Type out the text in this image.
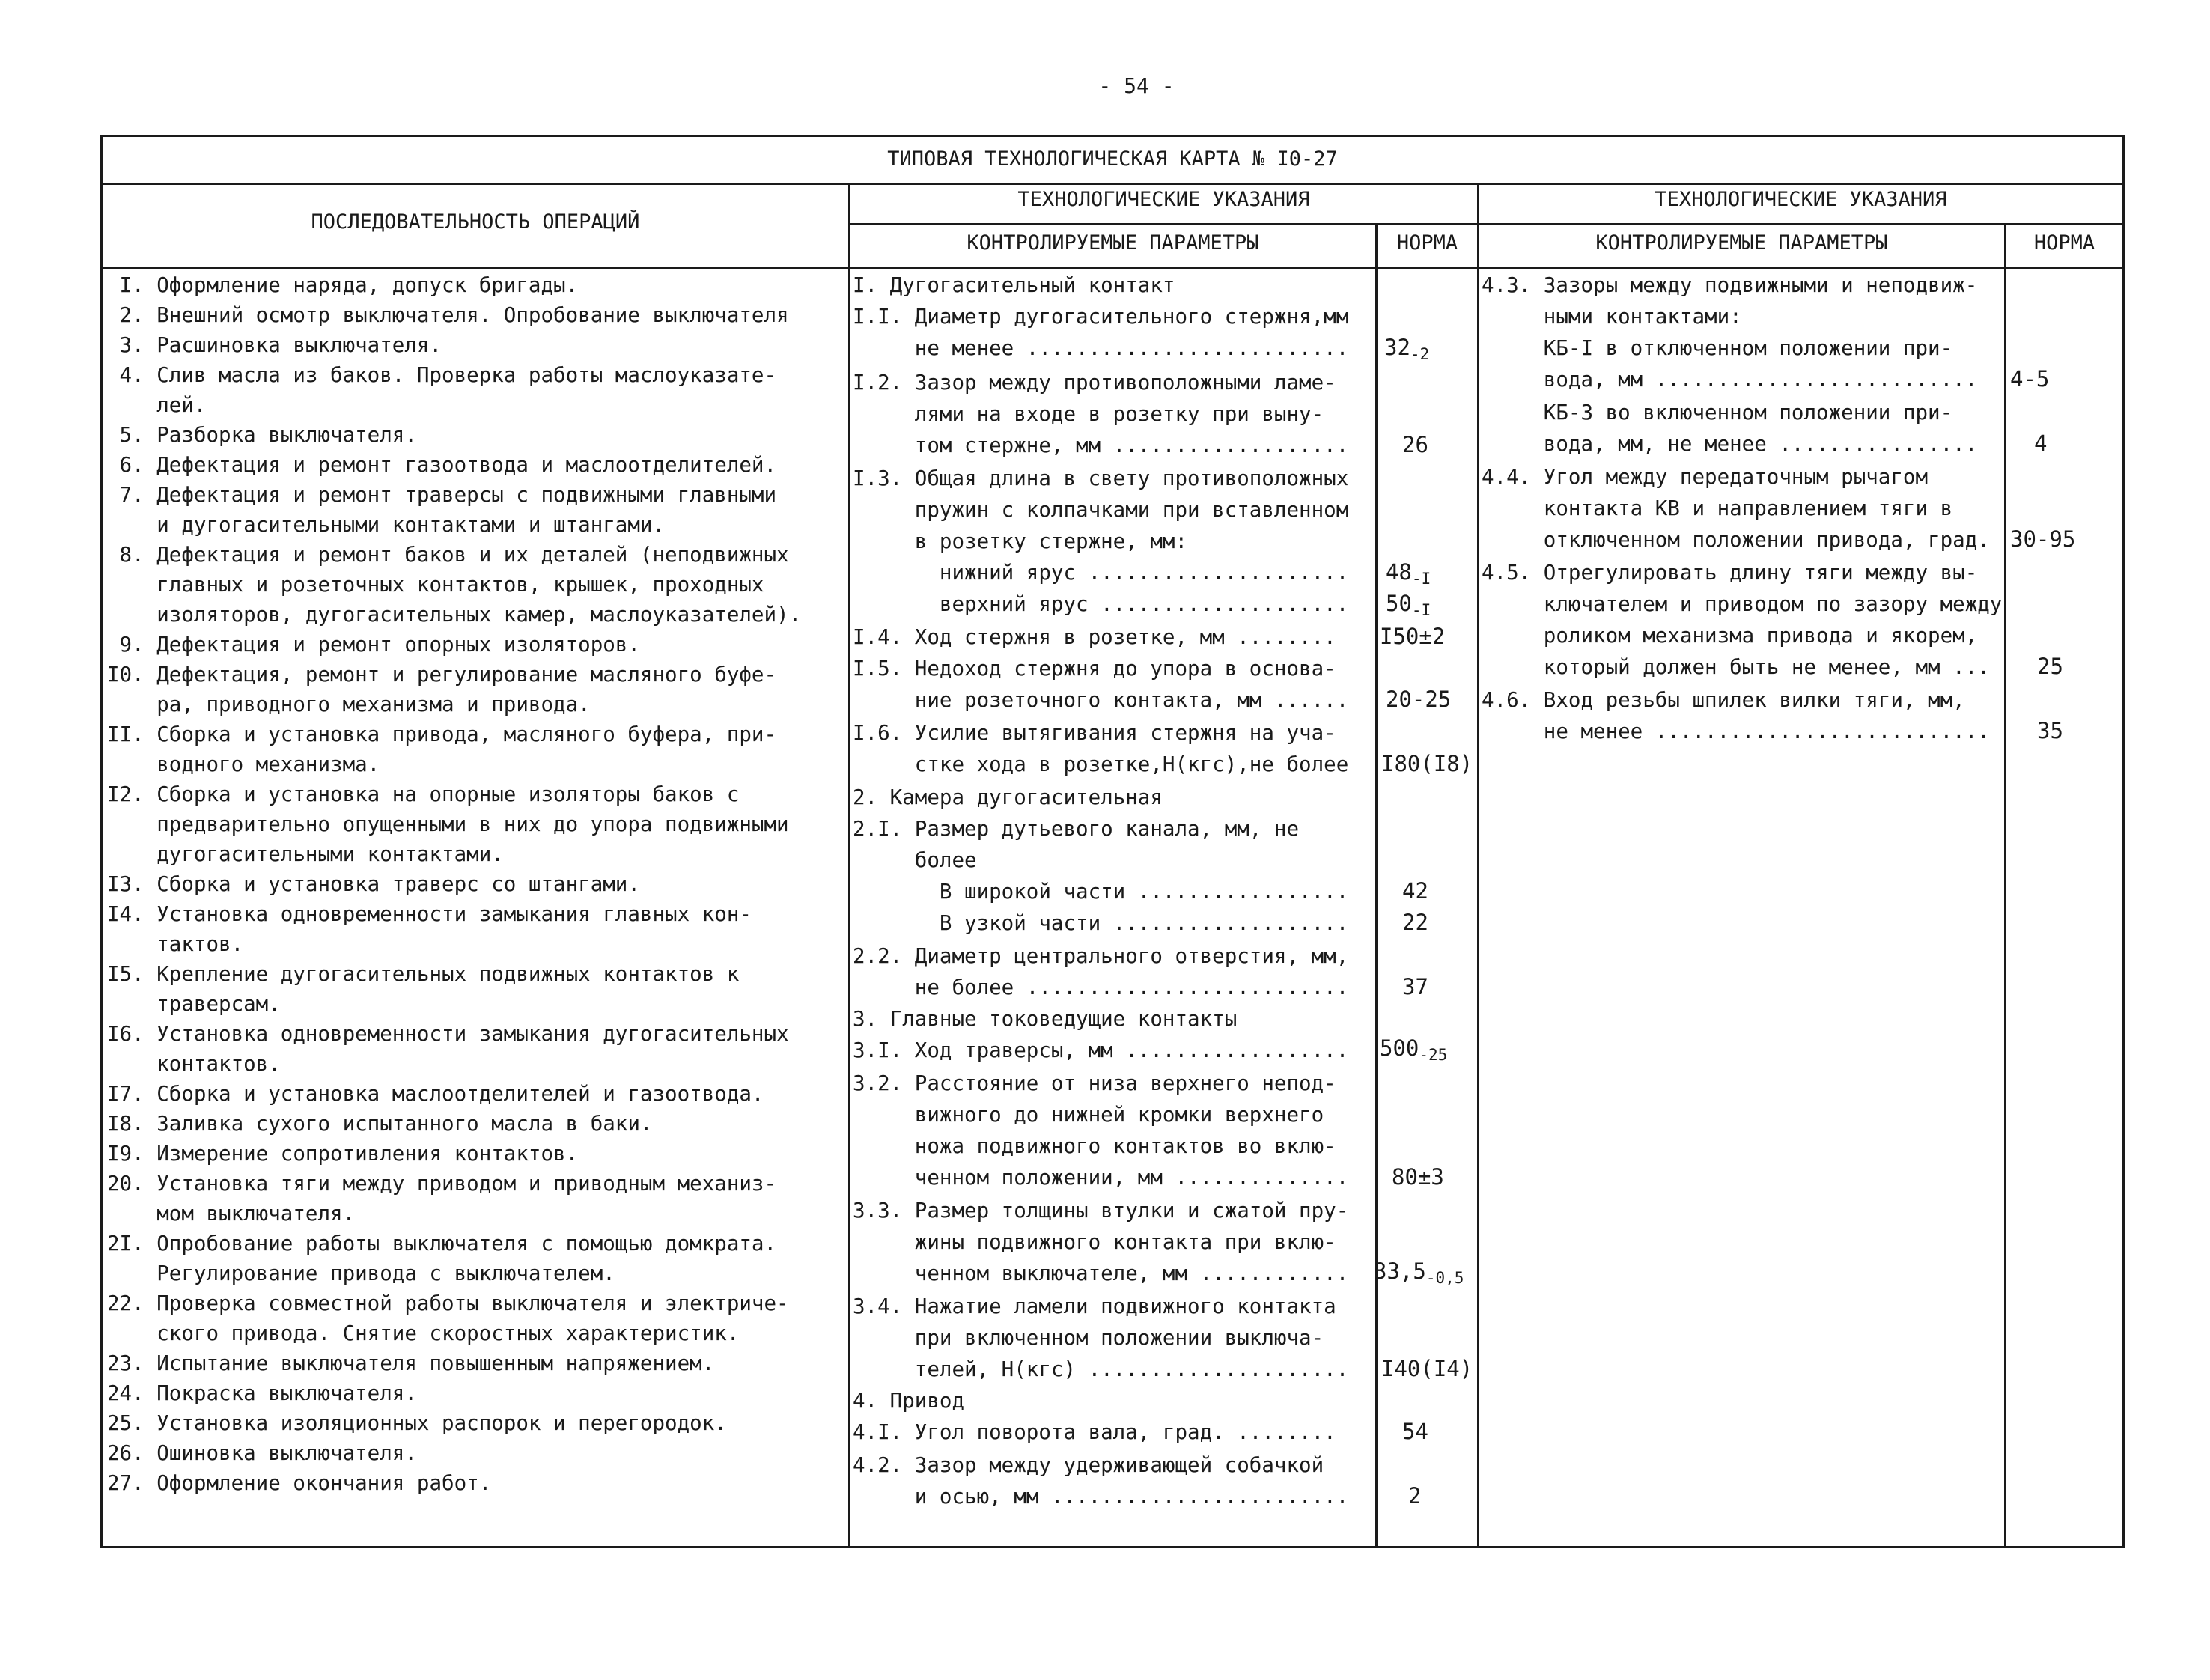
- 54 -
ТИПОВАЯ ТЕХНОЛОГИЧЕСКАЯ КАРТА № I0-27
ПОСЛЕДОВАТЕЛЬНОСТЬ ОПЕРАЦИЙ
ТЕХНОЛОГИЧЕСКИЕ УКАЗАНИЯ
КОНТРОЛИРУЕМЫЕ ПАРАМЕТРЫ	НОРМА
ТЕХНОЛОГИЧЕСКИЕ УКАЗАНИЯ
КОНТРОЛИРУЕМЫЕ ПАРАМЕТРЫ	НОРМА
I. Оформление наряда, допуск бригады.
2. Внешний осмотр выключателя. Опробование выключателя
3. Расшиновка выключателя.
4. Слив масла из баков. Проверка работы маслоуказате-
лей.
5. Разборка выключателя.
6. Дефектация и ремонт газоотвода и маслоотделителей.
7. Дефектация и ремонт траверсы с подвижными главными
и дугогасительными контактами и штангами.
8. Дефектация и ремонт баков и их деталей (неподвижных
главных и розеточных контактов, крышек, проходных
изоляторов, дугогасительных камер, маслоуказателей).
9. Дефектация и ремонт опорных изоляторов.
I0. Дефектация, ремонт и регулирование масляного буфе-
ра, приводного механизма и привода.
II. Сборка и установка привода, масляного буфера, при-
водного механизма.
I2. Сборка и установка на опорные изоляторы баков с
предварительно опущенными в них до упора подвижными
дугогасительными контактами.
I3. Сборка и установка траверс со штангами.
I4. Установка одновременности замыкания главных кон-
тактов.
I5. Крепление дугогасительных подвижных контактов к
траверсам.
I6. Установка одновременности замыкания дугогасительных
контактов.
I7. Сборка и установка маслоотделителей и газоотвода.
I8. Заливка сухого испытанного масла в баки.
I9. Измерение сопротивления контактов.
20. Установка тяги между приводом и приводным механиз-
мом выключателя.
2I. Опробование работы выключателя с помощью домкрата.
Регулирование привода с выключателем.
22. Проверка совместной работы выключателя и электриче-
ского привода. Снятие скоростных характеристик.
23. Испытание выключателя повышенным напряжением.
24. Покраска выключателя.
25. Установка изоляционных распорок и перегородок.
26. Ошиновка выключателя.
27. Оформление окончания работ.
I. Дугогасительный контакт
I.I. Диаметр дугогасительного стержня,мм
не менее ..........................
I.2. Зазор между противоположными ламе-
лями на входе в розетку при выну-
том стержне, мм ...................
I.3. Общая длина в свету противоположных
пружин с колпачками при вставленном
в розетку стержне, мм:
нижний ярус .....................
верхний ярус ....................
I.4. Ход стержня в розетке, мм ........
I.5. Недоход стержня до упора в основа-
ние розеточного контакта, мм ......
I.6. Усилие вытягивания стержня на уча-
стке хода в розетке,Н(кгс),не более
2. Камера дугогасительная
2.I. Размер дутьевого канала, мм, не
более
В широкой части .................
В узкой части ...................
2.2. Диаметр центрального отверстия, мм,
не более ..........................
3. Главные токоведущие контакты
3.I. Ход траверсы, мм ..................
3.2. Расстояние от низа верхнего непод-
вижного до нижней кромки верхнего
ножа подвижного контактов во вклю-
ченном положении, мм ..............
3.3. Размер толщины втулки и сжатой пру-
жины подвижного контакта при вклю-
ченном выключателе, мм ............
3.4. Нажатие ламели подвижного контакта
при включенном положении выключа-
телей, Н(кгс) .....................
4. Привод
4.I. Угол поворота вала, град. ........
4.2. Зазор между удерживающей собачкой
и осью, мм ........................
$32_{-2}$
26
$48_{-I}$
$50_{-I}$
I50±2
20-25
I80(I8)
42
22
37
$500_{-25}$
80±3
$33,5_{-0,5}$
I40(I4)
54
2
4.3. Зазоры между подвижными и неподвиж-
ными контактами:
КБ-I в отключенном положении при-
вода, мм ..........................
КБ-3 во включенном положении при-
вода, мм, не менее ................
4.4. Угол между передаточным рычагом
контакта КВ и направлением тяги в
отключенном положении привода, град.
4.5. Отрегулировать длину тяги между вы-
ключателем и приводом по зазору между
роликом механизма привода и якорем,
который должен быть не менее, мм ...
4.6. Вход резьбы шпилек вилки тяги, мм,
не менее ...........................
4-5
4
30-95
25
35
